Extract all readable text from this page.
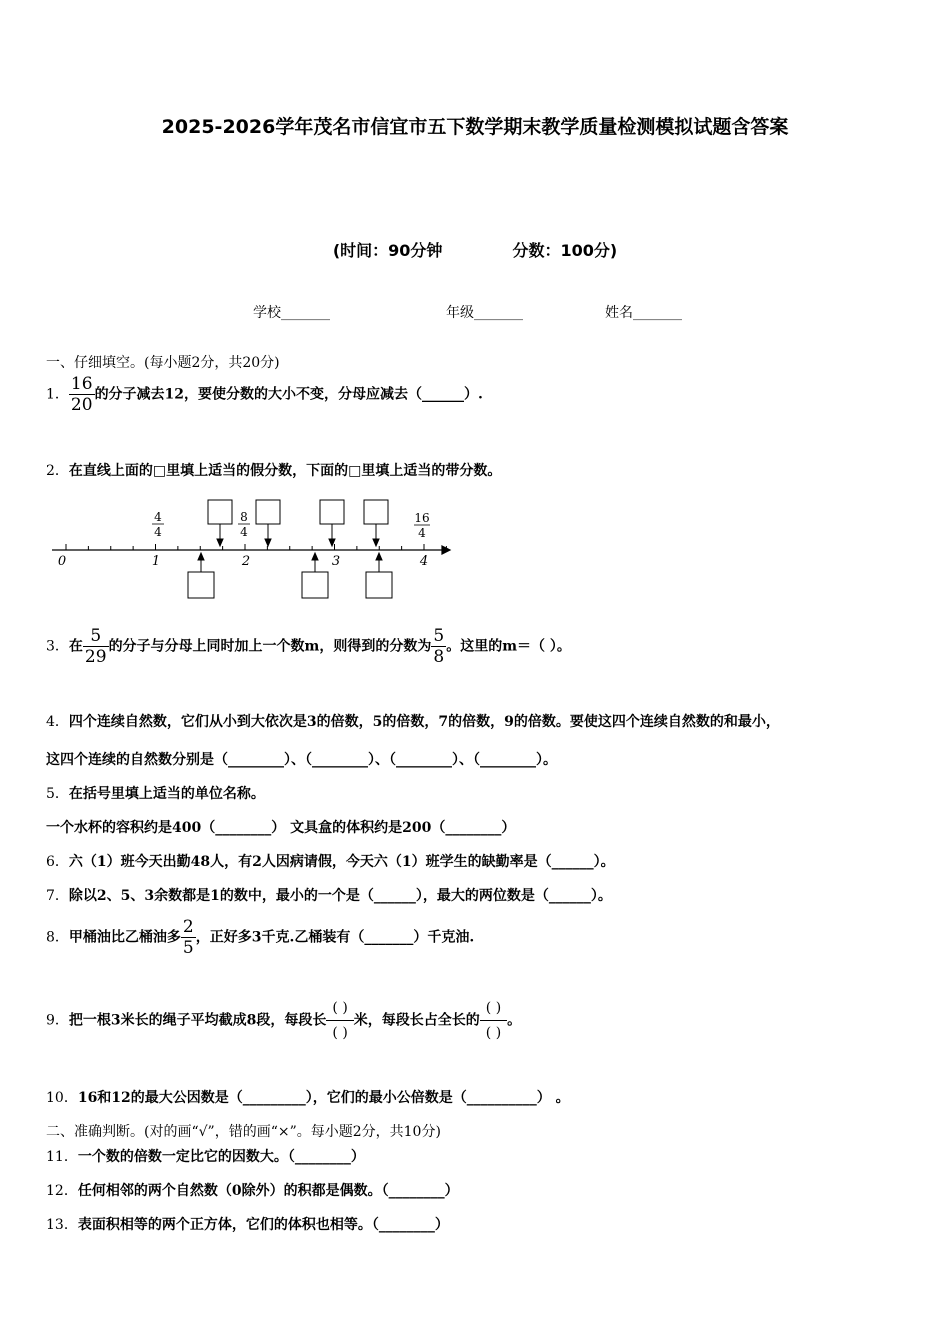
2025-2026学年茂名市信宜市五下数学期末教学质量检测模拟试题含答案
(时间：90分钟	分数：100分)
学校_______	年级_______	姓名_______
一、仔细填空。(每小题2分，共20分)
1． $\frac{16}{20}$ 的分子减去12，要使分数的大小不变，分母应减去（______）.
2．在直线上面的□里填上适当的假分数，下面的□里填上适当的带分数。
0	1	2	3	4
4
4
8
4
16
4
3．在 $\frac{5}{29}$ 的分子与分母上同时加上一个数m，则得到的分数为 $\frac{5}{8}$ 。这里的m＝（ ）。
4．四个连续自然数，它们从小到大依次是3的倍数，5的倍数，7的倍数，9的倍数。要使这四个连续自然数的和最小，
这四个连续的自然数分别是（________）、（________）、（________）、（________）。
5．在括号里填上适当的单位名称。
一个水杯的容积约是400（________） 文具盒的体积约是200（________）
6．六（1）班今天出勤48人，有2人因病请假，今天六（1）班学生的缺勤率是（______）。
7．除以2、5、3余数都是1的数中，最小的一个是（______），最大的两位数是（______）。
8．甲桶油比乙桶油多 $\frac{2}{5}$ ，正好多3千克.乙桶装有（_______）千克油.
9．把一根3米长的绳子平均截成8段，每段长
( )
( )
米，每段长占全长的
( )
( )
。
10．16和12的最大公因数是（_________），它们的最小公倍数是（__________） 。
二、准确判断。(对的画“√”，错的画“×”。每小题2分，共10分)
11．一个数的倍数一定比它的因数大。（________）
12．任何相邻的两个自然数（0除外）的积都是偶数。（________）
13．表面积相等的两个正方体，它们的体积也相等。（________）
